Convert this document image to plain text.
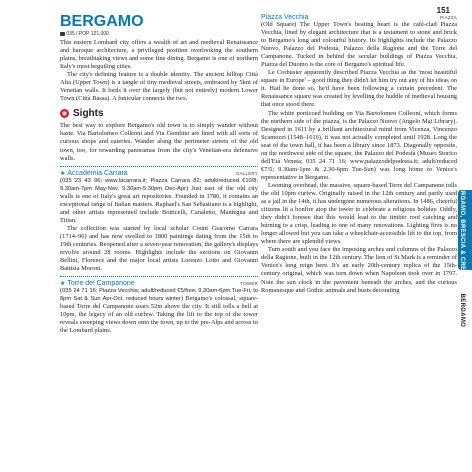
151
BERGAMO
035 / POP 121,000

This eastern Lombard city offers a wealth of art and medieval Renaissance and baroque architecture, a privileged position overlooking the southern plains, breathtaking views and some fine dining. Bergamo is one of northern Italy's most beguiling cities.

The city's defining feature is a double identity. The ancient hilltop Città Alta (Upper Town) is a tangle of tiny medieval streets, embraced by 5km of Venetian walls. It lords it over the largely (but not entirely) modern Lower Town (Città Bassa). A funicular connects the two.

◉ Sights

The best way to explore Bergamo's old town is to simply wander without haste. Via Bartolomeo Colleoni and Via Gombito are lined with all sorts of curious shops and eateries. Wander along the perimeter streets of the old town, too, for rewarding panoramas from the city's Venetian-era defensive walls.

★ Accademia Carrara	GALLERY

(035 23 43 96; www.lacarrara.it; Piazza Carrara 82; adult/reduced €10/8; 9.30am-7pm May-Nov, 9.30am-5.30pm Dec-Apr) Just east of the old city walls is one of Italy's great art repositories. Founded in 1780, it contains an exceptional range of Italian masters. Raphael's San Sebastiano is a highlight, and other artists represented include Botticelli, Canaletto, Mantegna and Titian.

The collection was started by local scholar Count Giacomo Carrara (1714–96) and has now swelled to 1800 paintings dating from the 15th to 19th centuries. Reopened after a seven-year renovation, the gallery's displays revolve around 28 rooms. Highlights include the sections on Giovanni Bellini, Florence and the major local artists Lorenzo Lotto and Giovanni Battista Moroni.

★ Torre del Campanone	TOWER

(035 24 71 16; Piazza Vecchia; adult/reduced €5/free; 9.30am-6pm Tue-Fri, to 8pm Sat & Sun Apr-Oct, reduced hours winter) Bergamo's colossal, square-based Torre del Campanone soars 52m above the city. It still tolls a bell at 10pm, the legacy of an old curfew. Taking the lift to the top of the tower reveals sweeping views down onto the town, up to the pre-Alps and across to the Lombard plains.

Piazza Vecchia	PIAZZA

(Old Square) The Upper Town's beating heart is the café-clad Piazza Vecchia, lined by elegant architecture that is a testament to stone and brick to Bergamo's long and colourful history. Its highlights include the Palazzo Nuovo, Palazzo del Podestà, Palazzo della Ragione and the Torre del Campanone. Tucked in behind the secular buildings of Piazza Vecchia, Piazza del Duomo is the core of Bergamo's spiritual life.

Le Corbusier apparently described Piazza Vecchia as the 'most beautiful square in Europe' – good thing they didn't let him try out any of his ideas on it. Had he done so, he'd have been following a certain precedent. The Renaissance square was created by levelling the huddle of medieval housing that once stood there.

The white porticoed building on Via Bartolomeo Colleoni, which forms the northern side of the piazza, is the Palazzo Nuovo (Angelo Mai Library). Designed in 1611 by a brilliant architectural mind from Vicenza, Vincenzo Scamozzi (1548–1616), it was not actually completed until 1928. Long the seat of the town hall, it has been a library since 1873. Diagonally opposite, on the northwest side of the square, the Palazzo del Podestà (Museo Storico dell'Età Veneta; 035 24 71 16; www.palazzodelpodesta.it; adult/reduced €7/5; 9.30am-1pm & 2.30-6pm Tue-Sun) was long home to Venice's representative in Bergamo.

Looming overhead, the massive, square-based Torre del Campanone tolls the old 10pm curfew. Originally raised in the 12th century and partly used as a jail in the 14th, it has undergone numerous alterations. In 1486, cheerful citizens lit a bonfire atop the tower to celebrate a religious holiday. Oddly, they didn't foresee that this would lead to the timber roof catching and burning to a crisp, leading to one of many renovations. Lighting fires is no longer allowed but you can take a wheelchair-accessible lift to the top, from where there are splendid views.

Turn south and you face the imposing arches and columns of the Palazzo della Ragione, built in the 12th century. The lion of St Mark is a reminder of Venice's long reign here. It's an early 20th-century replica of the 15th-century original, which was torn down when Napoleon took over in 1797. Note the sun clock in the pavement beneath the arches, and the curious Romanesque and Gothic animals and busts decorating

BERGAMO, BRESCIA & CREMONA BERGAMO
